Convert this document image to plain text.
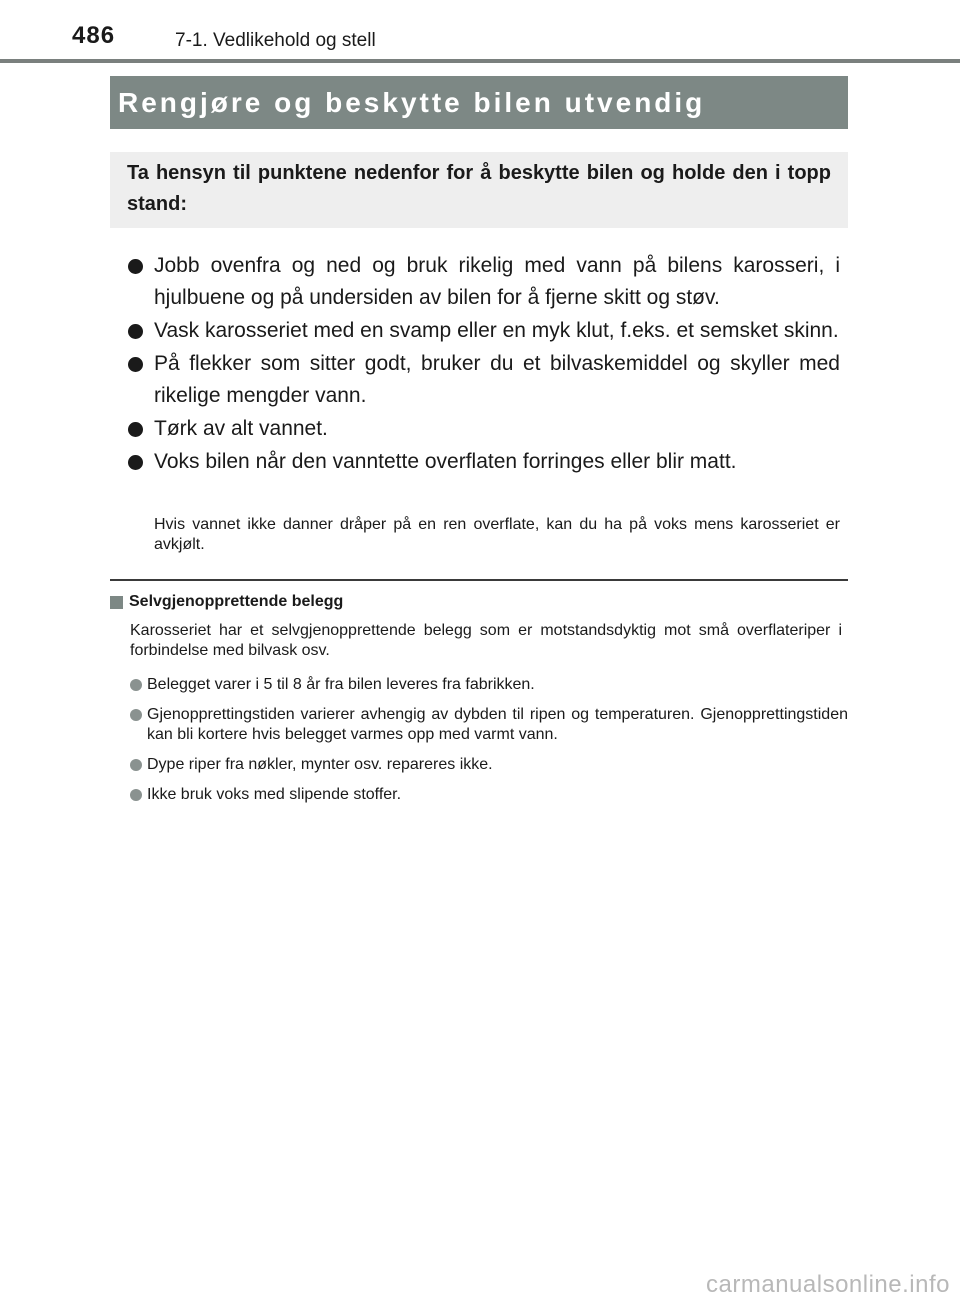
486	7-1. Vedlikehold og stell
Rengjøre og beskytte bilen utvendig
Ta hensyn til punktene nedenfor for å beskytte bilen og holde den i topp stand:
Jobb ovenfra og ned og bruk rikelig med vann på bilens karosseri, i hjulbuene og på undersiden av bilen for å fjerne skitt og støv.
Vask karosseriet med en svamp eller en myk klut, f.eks. et semsket skinn.
På flekker som sitter godt, bruker du et bilvaskemiddel og skyller med rikelige mengder vann.
Tørk av alt vannet.
Voks bilen når den vanntette overflaten forringes eller blir matt.
Hvis vannet ikke danner dråper på en ren overflate, kan du ha på voks mens karosseriet er avkjølt.
Selvgjenopprettende belegg
Karosseriet har et selvgjenopprettende belegg som er motstandsdyktig mot små overflateriper i forbindelse med bilvask osv.
Belegget varer i 5 til 8 år fra bilen leveres fra fabrikken.
Gjenopprettingstiden varierer avhengig av dybden til ripen og temperaturen. Gjenopprettingstiden kan bli kortere hvis belegget varmes opp med varmt vann.
Dype riper fra nøkler, mynter osv. repareres ikke.
Ikke bruk voks med slipende stoffer.
carmanualsonline.info
